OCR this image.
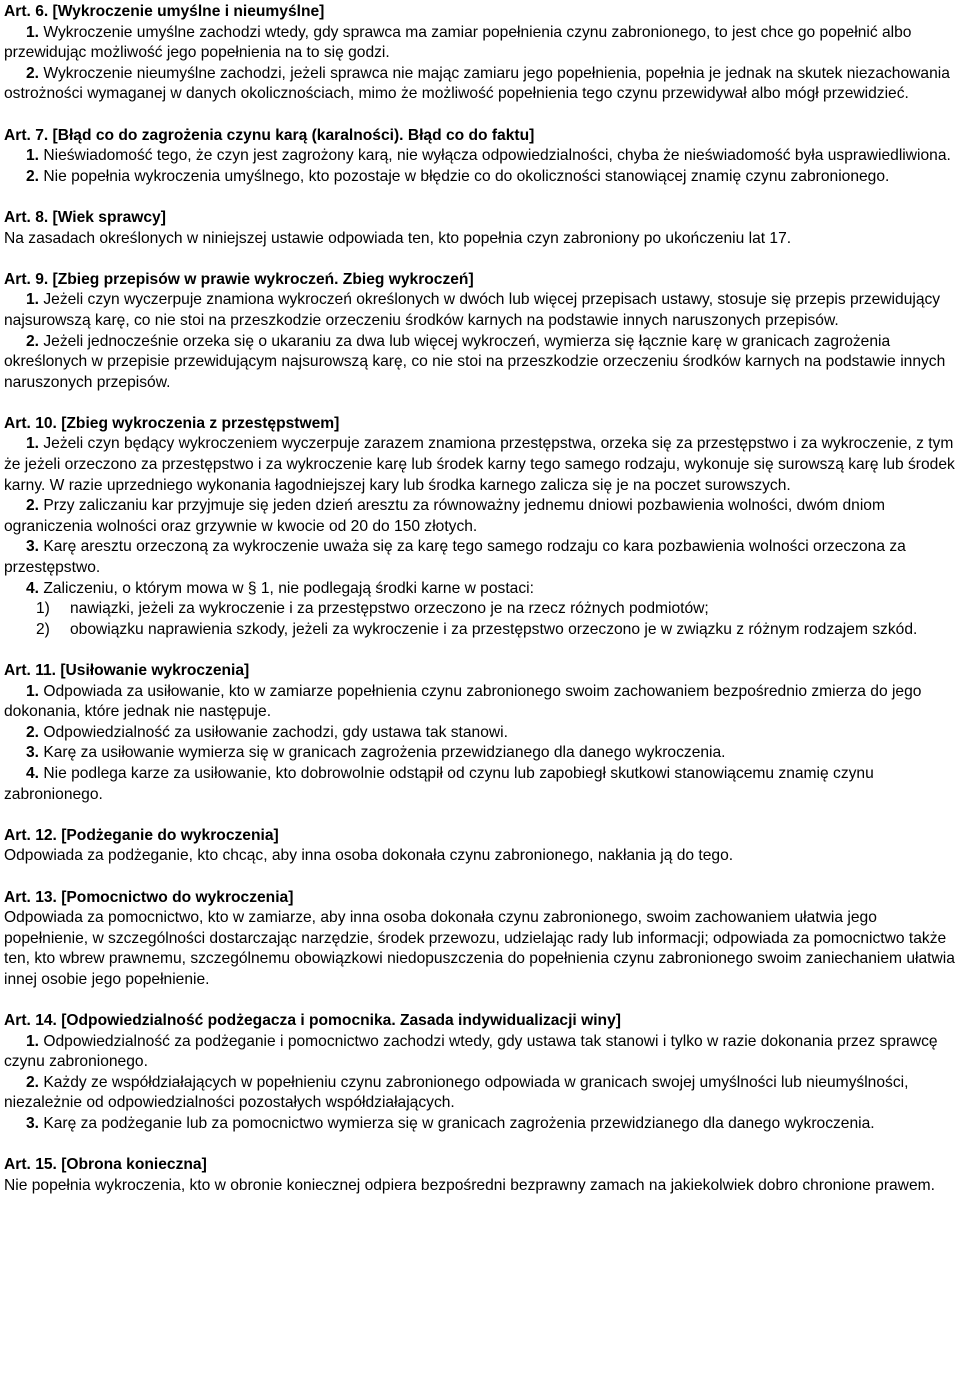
Art. 6. [Wykroczenie umyślne i nieumyślne]

1. Wykroczenie umyślne zachodzi wtedy, gdy sprawca ma zamiar popełnienia czynu zabronionego, to jest chce go popełnić albo przewidując możliwość jego popełnienia na to się godzi.

2. Wykroczenie nieumyślne zachodzi, jeżeli sprawca nie mając zamiaru jego popełnienia, popełnia je jednak na skutek niezachowania ostrożności wymaganej w danych okolicznościach, mimo że możliwość popełnienia tego czynu przewidywał albo mógł przewidzieć.

Art. 7. [Błąd co do zagrożenia czynu karą (karalności). Błąd co do faktu]

1. Nieświadomość tego, że czyn jest zagrożony karą, nie wyłącza odpowiedzialności, chyba że nieświadomość była usprawiedliwiona.

2. Nie popełnia wykroczenia umyślnego, kto pozostaje w błędzie co do okoliczności stanowiącej znamię czynu zabronionego.

Art. 8. [Wiek sprawcy]

Na zasadach określonych w niniejszej ustawie odpowiada ten, kto popełnia czyn zabroniony po ukończeniu lat 17.

Art. 9. [Zbieg przepisów w prawie wykroczeń. Zbieg wykroczeń]

1. Jeżeli czyn wyczerpuje znamiona wykroczeń określonych w dwóch lub więcej przepisach ustawy, stosuje się przepis przewidujący najsurowszą karę, co nie stoi na przeszkodzie orzeczeniu środków karnych na podstawie innych naruszonych przepisów.

2. Jeżeli jednocześnie orzeka się o ukaraniu za dwa lub więcej wykroczeń, wymierza się łącznie karę w granicach zagrożenia określonych w przepisie przewidującym najsurowszą karę, co nie stoi na przeszkodzie orzeczeniu środków karnych na podstawie innych naruszonych przepisów.

Art. 10. [Zbieg wykroczenia z przestępstwem]

1. Jeżeli czyn będący wykroczeniem wyczerpuje zarazem znamiona przestępstwa, orzeka się za przestępstwo i za wykroczenie, z tym że jeżeli orzeczono za przestępstwo i za wykroczenie karę lub środek karny tego samego rodzaju, wykonuje się surowszą karę lub środek karny. W razie uprzedniego wykonania łagodniejszej kary lub środka karnego zalicza się je na poczet surowszych.

2. Przy zaliczaniu kar przyjmuje się jeden dzień aresztu za równoważny jednemu dniowi pozbawienia wolności, dwóm dniom ograniczenia wolności oraz grzywnie w kwocie od 20 do 150 złotych.

3. Karę aresztu orzeczoną za wykroczenie uważa się za karę tego samego rodzaju co kara pozbawienia wolności orzeczona za przestępstwo.

4. Zaliczeniu, o którym mowa w § 1, nie podlegają środki karne w postaci:

1) nawiązki, jeżeli za wykroczenie i za przestępstwo orzeczono je na rzecz różnych podmiotów;

2) obowiązku naprawienia szkody, jeżeli za wykroczenie i za przestępstwo orzeczono je w związku z różnym rodzajem szkód.

Art. 11. [Usiłowanie wykroczenia]

1. Odpowiada za usiłowanie, kto w zamiarze popełnienia czynu zabronionego swoim zachowaniem bezpośrednio zmierza do jego dokonania, które jednak nie następuje.

2. Odpowiedzialność za usiłowanie zachodzi, gdy ustawa tak stanowi.

3. Karę za usiłowanie wymierza się w granicach zagrożenia przewidzianego dla danego wykroczenia.

4. Nie podlega karze za usiłowanie, kto dobrowolnie odstąpił od czynu lub zapobiegł skutkowi stanowiącemu znamię czynu zabronionego.

Art. 12. [Podżeganie do wykroczenia]

Odpowiada za podżeganie, kto chcąc, aby inna osoba dokonała czynu zabronionego, nakłania ją do tego.

Art. 13. [Pomocnictwo do wykroczenia]

Odpowiada za pomocnictwo, kto w zamiarze, aby inna osoba dokonała czynu zabronionego, swoim zachowaniem ułatwia jego popełnienie, w szczególności dostarczając narzędzie, środek przewozu, udzielając rady lub informacji; odpowiada za pomocnictwo także ten, kto wbrew prawnemu, szczególnemu obowiązkowi niedopuszczenia do popełnienia czynu zabronionego swoim zaniechaniem ułatwia innej osobie jego popełnienie.

Art. 14. [Odpowiedzialność podżegacza i pomocnika. Zasada indywidualizacji winy]

1. Odpowiedzialność za podżeganie i pomocnictwo zachodzi wtedy, gdy ustawa tak stanowi i tylko w razie dokonania przez sprawcę czynu zabronionego.

2. Każdy ze współdziałających w popełnieniu czynu zabronionego odpowiada w granicach swojej umyślności lub nieumyślności, niezależnie od odpowiedzialności pozostałych współdziałających.

3. Karę za podżeganie lub za pomocnictwo wymierza się w granicach zagrożenia przewidzianego dla danego wykroczenia.

Art. 15. [Obrona konieczna]

Nie popełnia wykroczenia, kto w obronie koniecznej odpiera bezpośredni bezprawny zamach na jakiekolwiek dobro chronione prawem.
